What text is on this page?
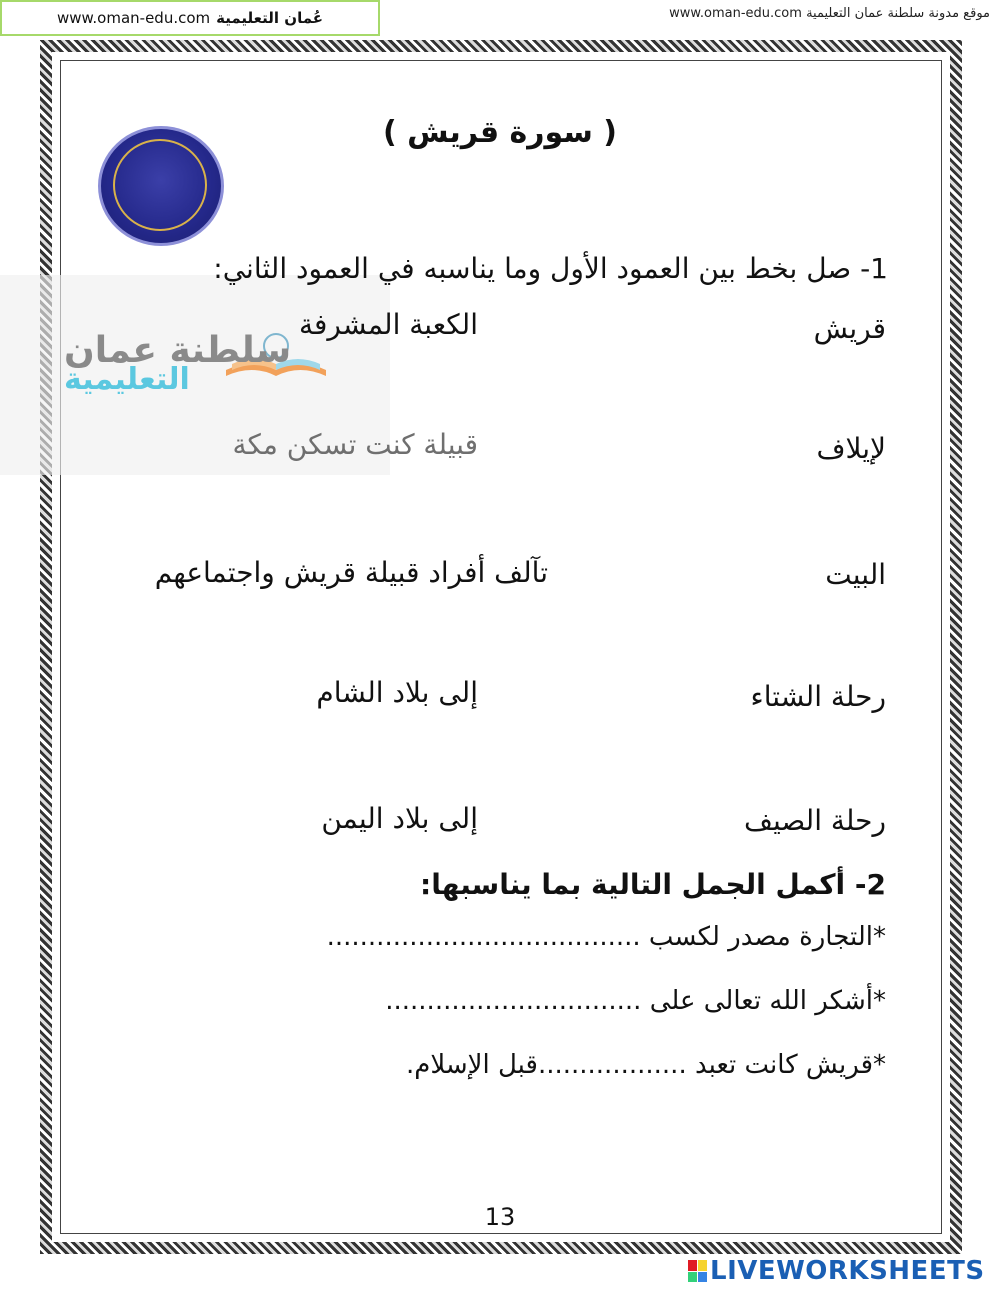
عُمان التعليمية
www.oman-edu.com	موقع مدونة سلطنة عمان التعليمية www.oman-edu.com
( سورة قريش )
سلطنة عمان
التعليمية
1- صل بخط بين العمود الأول وما يناسبه في العمود الثاني:
قريش
الكعبة المشرفة
لإيلاف
قبيلة كنت تسكن مكة
البيت
تآلف أفراد قبيلة قريش واجتماعهم
رحلة الشتاء
إلى بلاد الشام
رحلة الصيف
إلى بلاد اليمن
2- أكمل الجمل التالية بما يناسبها:
*التجارة مصدر لكسب ......................................
*أشكر الله تعالى على ...............................
*قريش كانت تعبد ..................قبل الإسلام.
13
LIVEWORKSHEETS
